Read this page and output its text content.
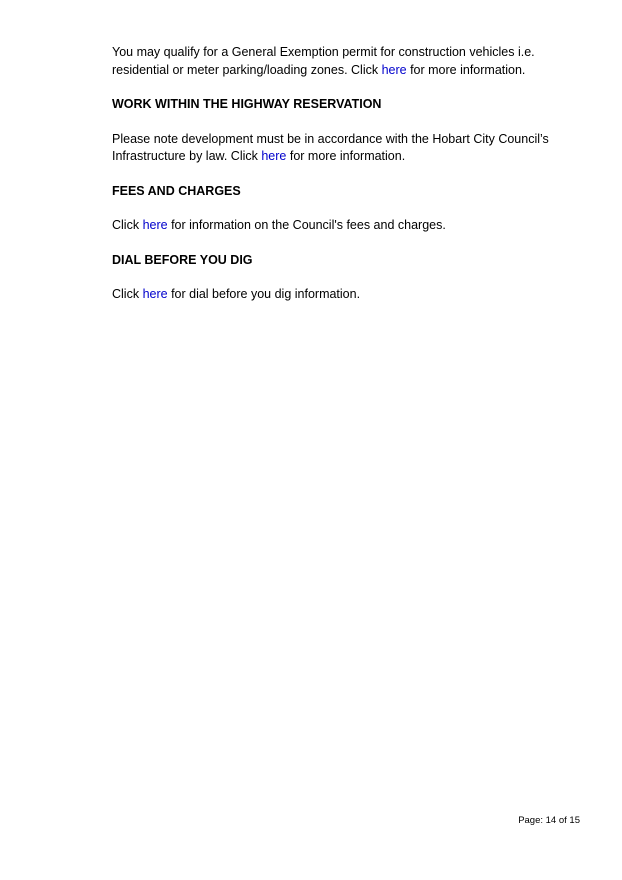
You may qualify for a General Exemption permit for construction vehicles i.e. residential or meter parking/loading zones. Click here for more information.

WORK WITHIN THE HIGHWAY RESERVATION

Please note development must be in accordance with the Hobart City Council’s Infrastructure by law. Click here for more information.

FEES AND CHARGES

Click here for information on the Council's fees and charges.

DIAL BEFORE YOU DIG

Click here for dial before you dig information.

Page: 14 of 15
